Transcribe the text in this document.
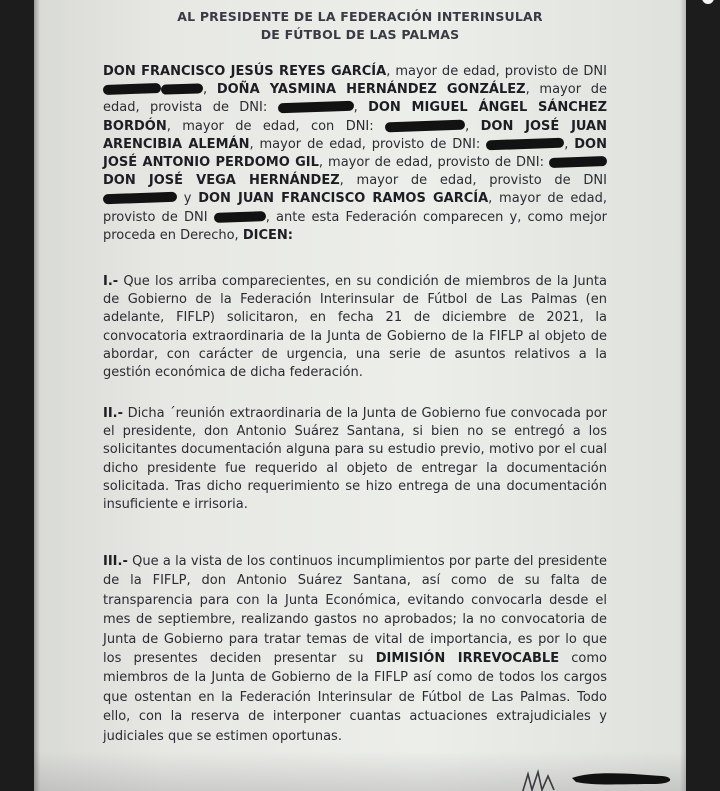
AL PRESIDENTE DE LA FEDERACIÓN INTERINSULAR
DE FÚTBOL DE LAS PALMAS
DON FRANCISCO JESÚS REYES GARCÍA, mayor de edad, provisto de DNI , DOÑA YASMINA HERNÁNDEZ GONZÁLEZ, mayor de edad, provista de DNI:	, DON MIGUEL ÁNGEL SÁNCHEZ BORDÓN, mayor de edad, con DNI:	, DON JOSÉ JUAN ARENCIBIA ALEMÁN, mayor de edad, provisto de DNI:	, DON JOSÉ ANTONIO PERDOMO GIL, mayor de edad, provisto de DNI:  DON JOSÉ VEGA HERNÁNDEZ, mayor de edad, provisto de DNI  y DON JUAN FRANCISCO RAMOS GARCÍA, mayor de edad, provisto de DNI	, ante esta Federación comparecen y, como mejor proceda en Derecho, DICEN:
I.- Que los arriba comparecientes, en su condición de miembros de la Junta de Gobierno de la Federación Interinsular de Fútbol de Las Palmas (en adelante, FIFLP) solicitaron, en fecha 21 de diciembre de 2021, la convocatoria extraordinaria de la Junta de Gobierno de la FIFLP al objeto de abordar, con carácter de urgencia, una serie de asuntos relativos a la gestión económica de dicha federación.
II.- Dicha ´reunión extraordinaria de la Junta de Gobierno fue convocada por el presidente, don Antonio Suárez Santana, si bien no se entregó a los solicitantes documentación alguna para su estudio previo, motivo por el cual dicho presidente fue requerido al objeto de entregar la documentación solicitada. Tras dicho requerimiento se hizo entrega de una documentación insuficiente e irrisoria.
III.- Que a la vista de los continuos incumplimientos por parte del presidente de la FIFLP, don Antonio Suárez Santana, así como de su falta de transparencia para con la Junta Económica, evitando convocarla desde el mes de septiembre, realizando gastos no aprobados; la no convocatoria de Junta de Gobierno para tratar temas de vital de importancia, es por lo que los presentes deciden presentar su DIMISIÓN IRREVOCABLE como miembros de la Junta de Gobierno de la FIFLP así como de todos los cargos que ostentan en la Federación Interinsular de Fútbol de Las Palmas. Todo ello, con la reserva de interponer cuantas actuaciones extrajudiciales y judiciales que se estimen oportunas.
